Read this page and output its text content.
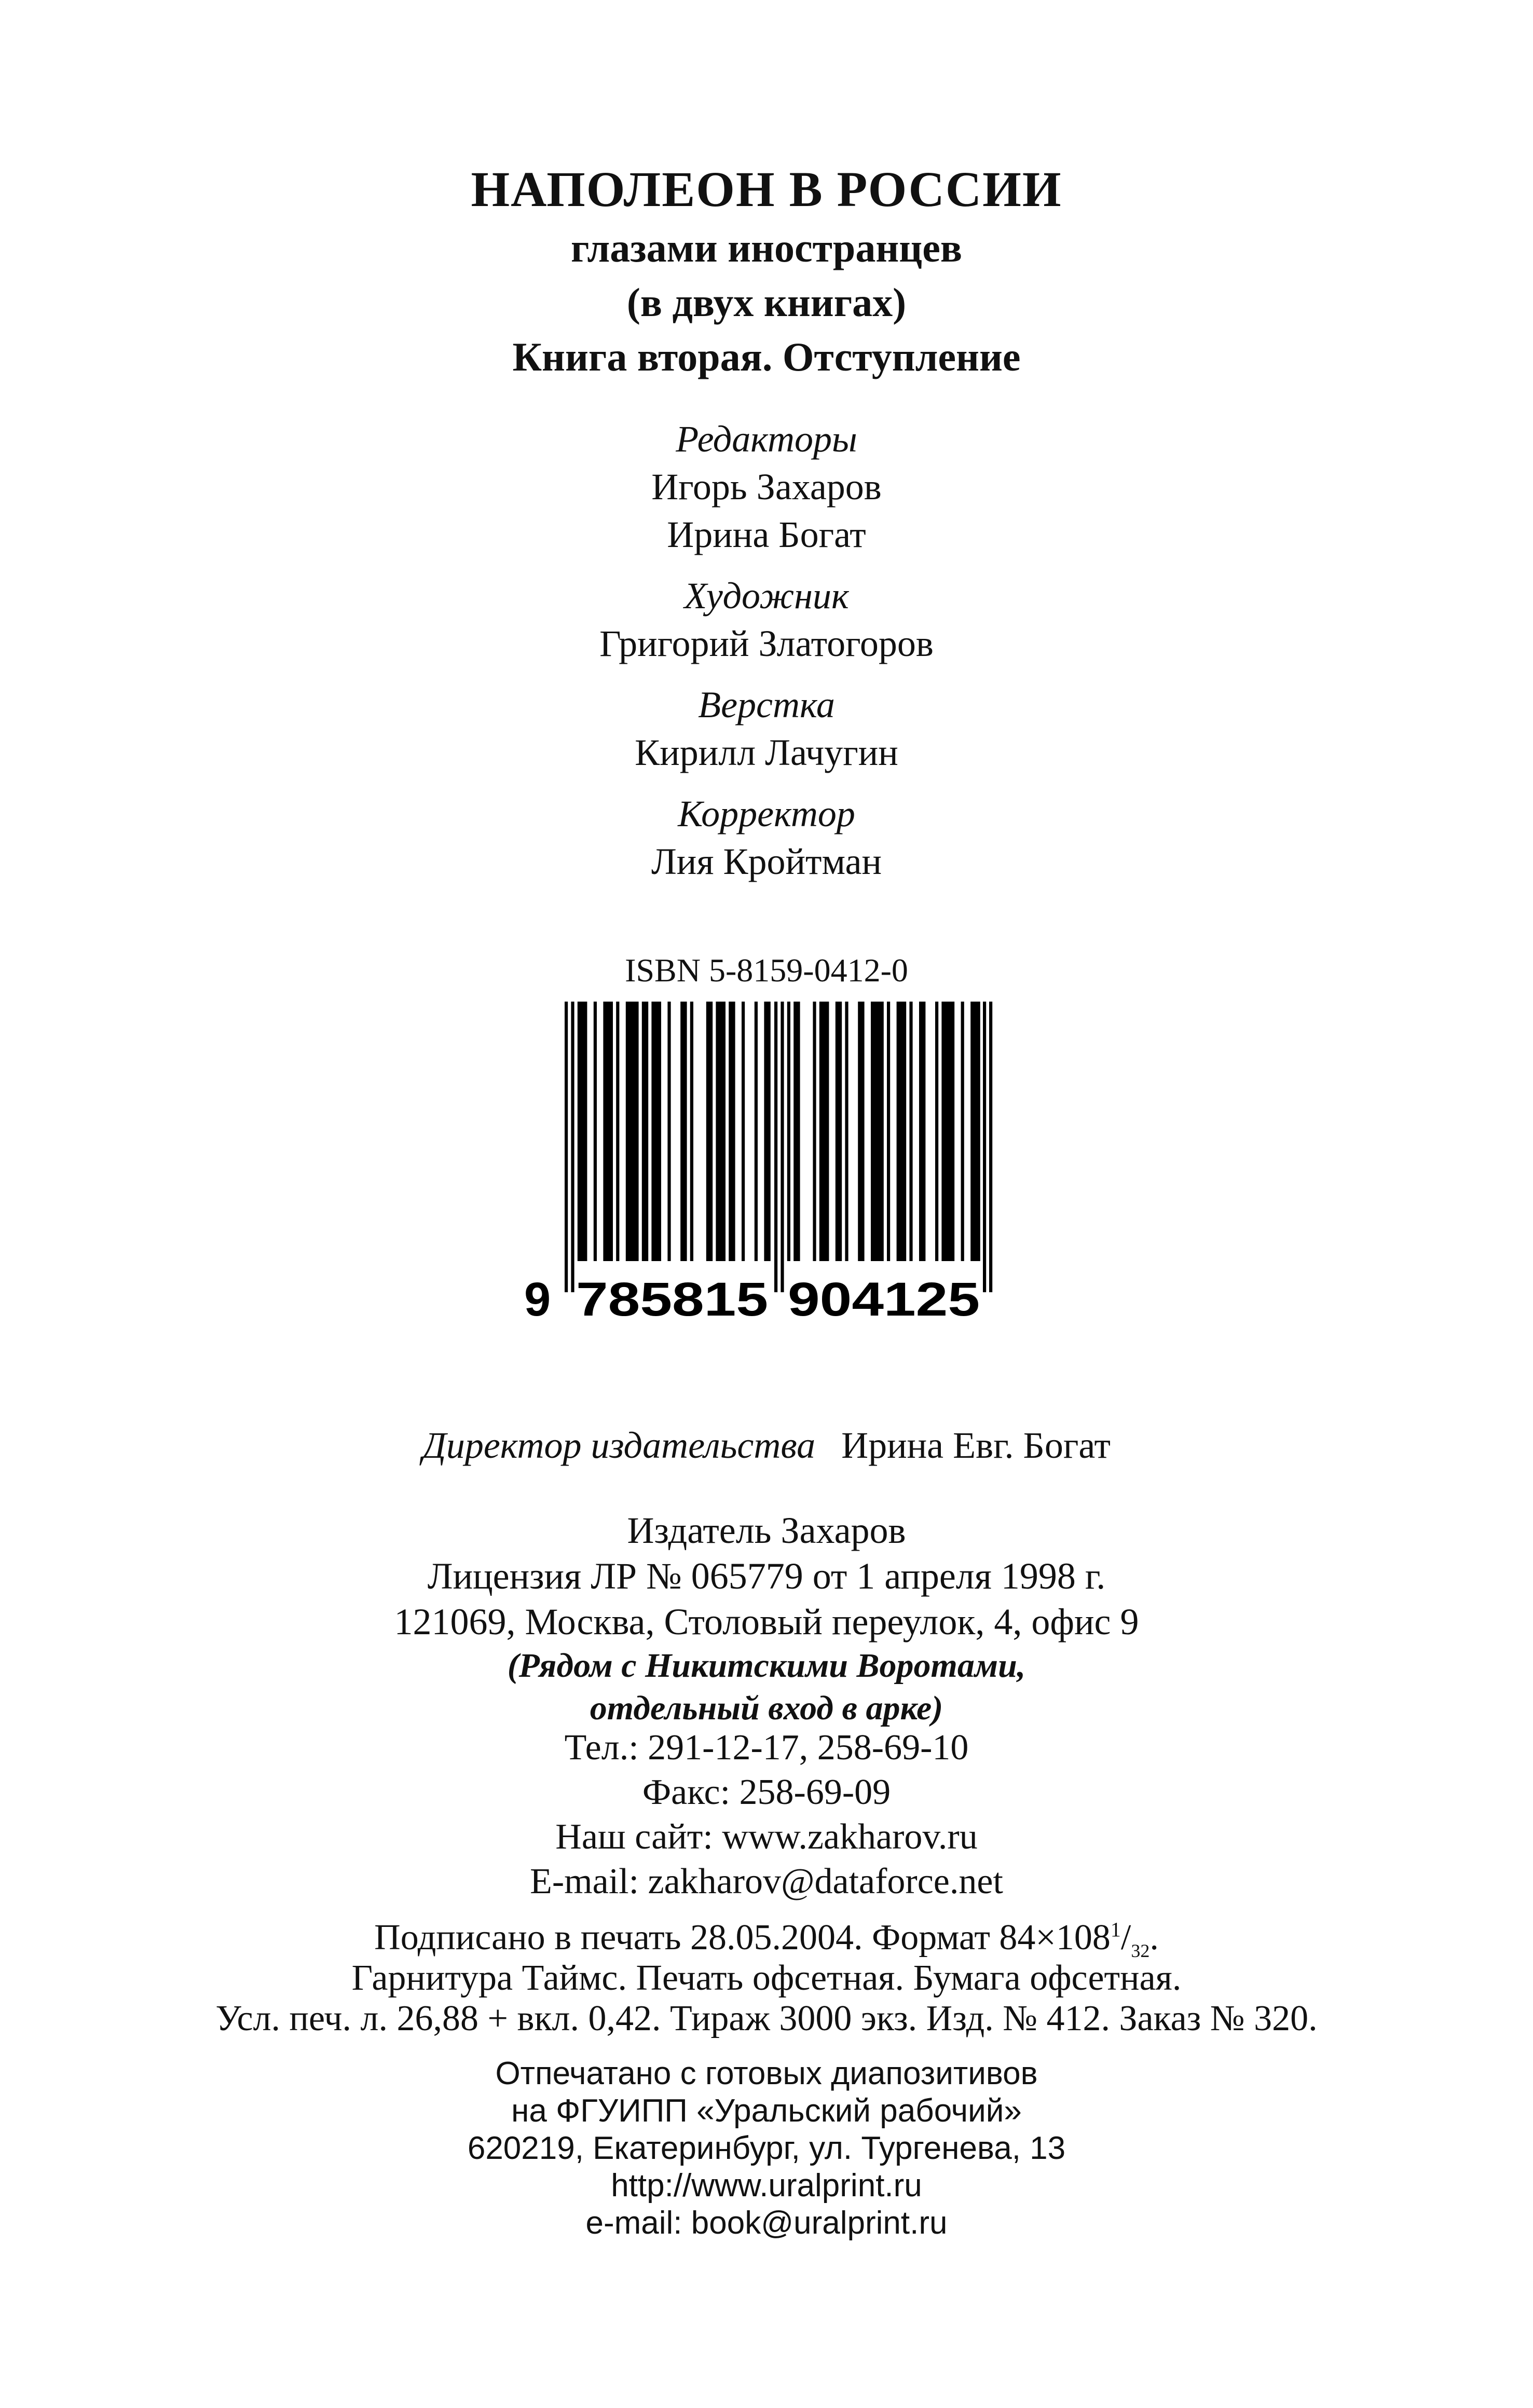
НАПОЛЕОН В РОССИИ
глазами иностранцев
(в двух книгах)
Книга вторая. Отступление
Редакторы
Игорь Захаров
Ирина Богат
Художник
Григорий Златогоров
Верстка
Кирилл Лачугин
Корректор
Лия Кройтман
ISBN 5-8159-0412-0
9 785815 904125
Директор издательства Ирина Евг. Богат
Издатель Захаров
Лицензия ЛР № 065779 от 1 апреля 1998 г.
121069, Москва, Столовый переулок, 4, офис 9
(Рядом с Никитскими Воротами,
отдельный вход в арке)
Тел.: 291-12-17, 258-69-10
Факс: 258-69-09
Наш сайт: www.zakharov.ru
E-mail: zakharov@dataforce.net
Подписано в печать 28.05.2004. Формат $84\times 108^1/_{32}$.
Гарнитура Таймс. Печать офсетная. Бумага офсетная.
Усл. печ. л. 26,88 + вкл. 0,42. Тираж 3000 экз. Изд. № 412. Заказ № 320.
Отпечатано с готовых диапозитивов
на ФГУИПП «Уральский рабочий»
620219, Екатеринбург, ул. Тургенева, 13
http://www.uralprint.ru
e-mail: book@uralprint.ru
